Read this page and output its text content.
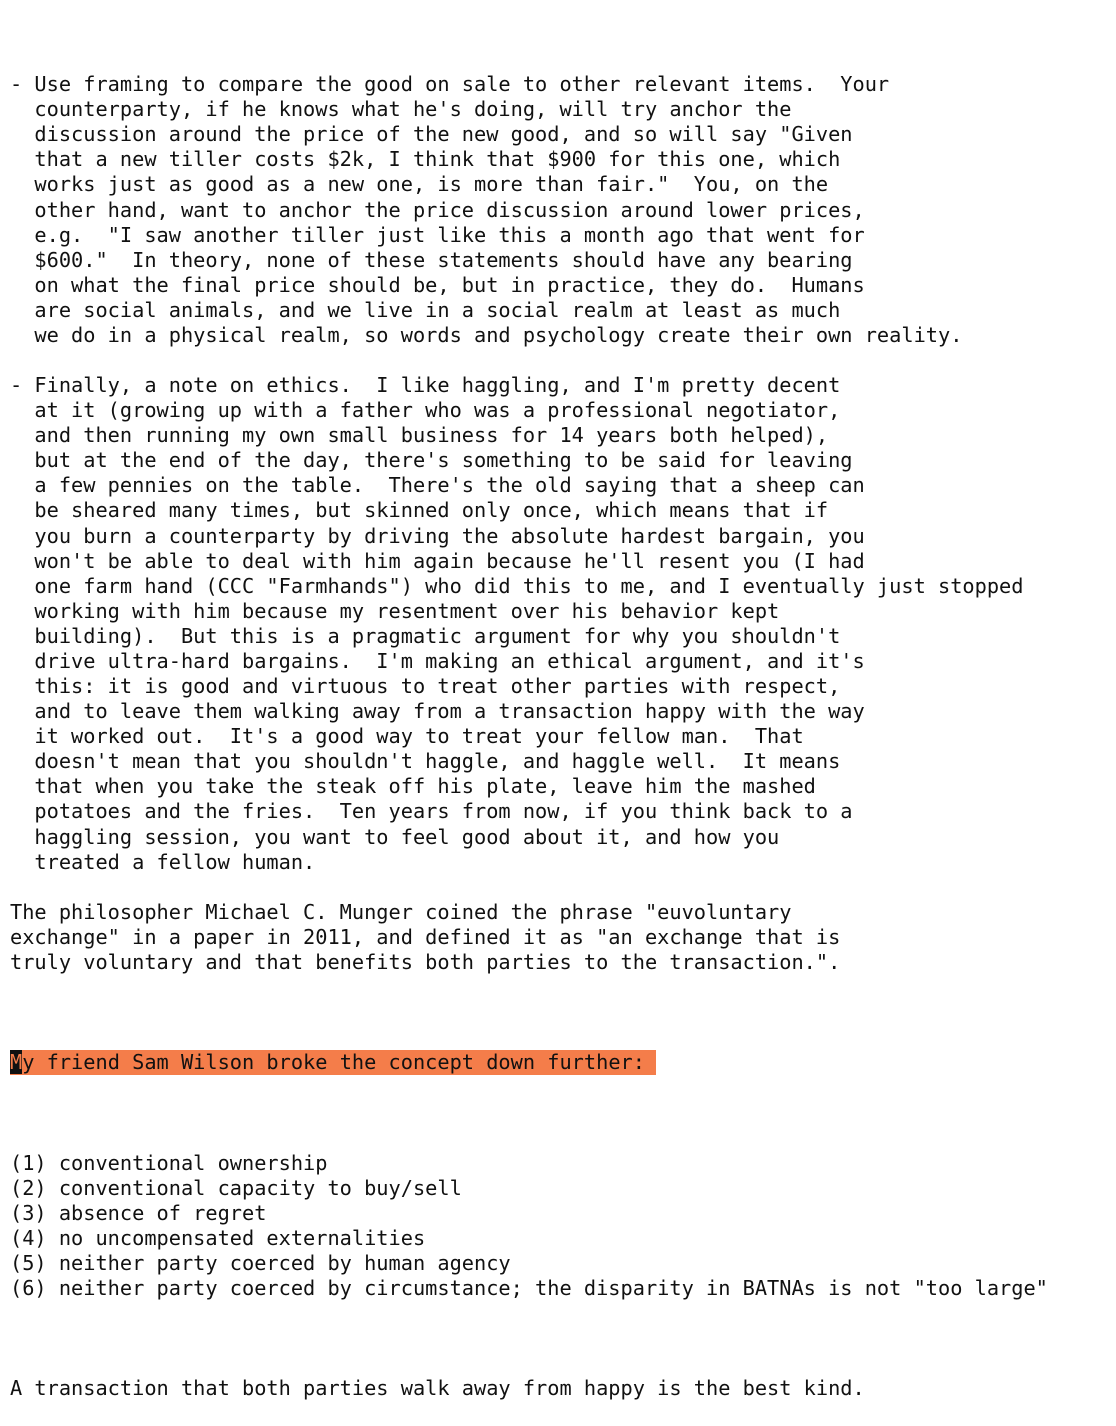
- Use framing to compare the good on sale to other relevant items.  Your
counterparty, if he knows what he's doing, will try anchor the
discussion around the price of the new good, and so will say "Given
that a new tiller costs $2k, I think that $900 for this one, which
works just as good as a new one, is more than fair."  You, on the
other hand, want to anchor the price discussion around lower prices,
e.g.  "I saw another tiller just like this a month ago that went for
$600."  In theory, none of these statements should have any bearing
on what the final price should be, but in practice, they do.  Humans
are social animals, and we live in a social realm at least as much
we do in a physical realm, so words and psychology create their own reality.
- Finally, a note on ethics.  I like haggling, and I'm pretty decent
at it (growing up with a father who was a professional negotiator,
and then running my own small business for 14 years both helped),
but at the end of the day, there's something to be said for leaving
a few pennies on the table.  There's the old saying that a sheep can
be sheared many times, but skinned only once, which means that if
you burn a counterparty by driving the absolute hardest bargain, you
won't be able to deal with him again because he'll resent you (I had
one farm hand (CCC "Farmhands") who did this to me, and I eventually just stopped
working with him because my resentment over his behavior kept
building).  But this is a pragmatic argument for why you shouldn't
drive ultra-hard bargains.  I'm making an ethical argument, and it's
this: it is good and virtuous to treat other parties with respect,
and to leave them walking away from a transaction happy with the way
it worked out.  It's a good way to treat your fellow man.  That
doesn't mean that you shouldn't haggle, and haggle well.  It means
that when you take the steak off his plate, leave him the mashed
potatoes and the fries.  Ten years from now, if you think back to a
haggling session, you want to feel good about it, and how you
treated a fellow human.
The philosopher Michael C. Munger coined the phrase "euvoluntary
exchange" in a paper in 2011, and defined it as "an exchange that is
truly voluntary and that benefits both parties to the transaction.".

My friend Sam Wilson broke the concept down further:

(1) conventional ownership
(2) conventional capacity to buy/sell
(3) absence of regret
(4) no uncompensated externalities
(5) neither party coerced by human agency
(6) neither party coerced by circumstance; the disparity in BATNAs is not "too large"

A transaction that both parties walk away from happy is the best kind.
